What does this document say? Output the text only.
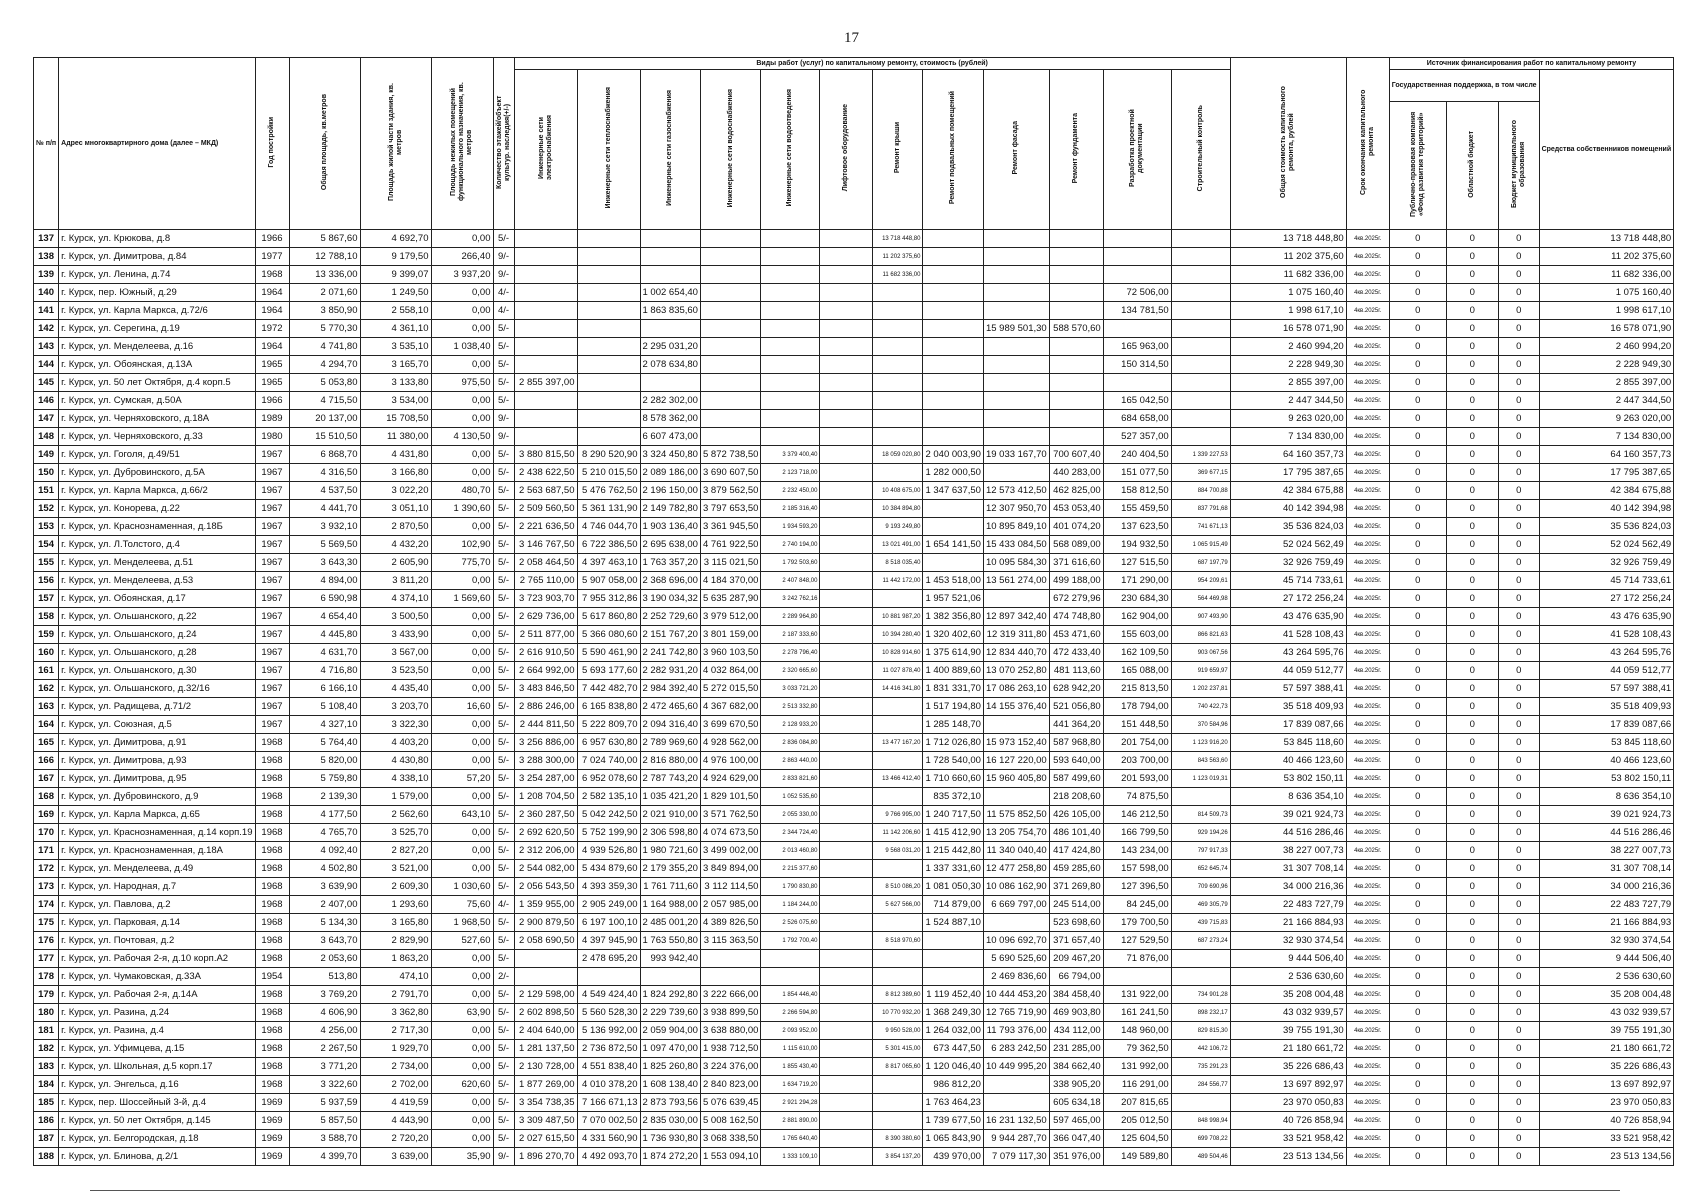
17
№ п/п	Адрес многоквартирного дома (далее – МКД)	Год постройки	Общая площадь, кв.метров	Площадь жилой части здания, кв. метров	Площадь нежилых помещений функционального назначения, кв. метров	Количество этажей/объект культур. наследия(+/-)	Виды работ (услуг) по капитальному ремонту, стоимость (рублей)												Общая стоимость капитального ремонта, рублей	Срок окончания капитального ремонта	Источник финансирования работ по капитальному ремонту			
							Инженерные сети электроснабжения	Инженерные сети теплоснабжения	Инженерные сети газоснабжения	Инженерные сети водоснабжения	Инженерные сети водоотведения	Лифтовое оборудование	Ремонт крыши	Ремонт подвальных помещений	Ремонт фасада	Ремонт фундамента	Разработка проектной документации	Строительный контроль			Государственная поддержка, в том числе			Средства собственников помещений
																					Публично-правовая компания «Фонд развития территорий»	Областной бюджет	Бюджет муниципального образования	
137	г. Курск, ул. Крюкова, д.8	1966	5 867,60	4 692,70	0,00	5/-							13 718 448,80						13 718 448,80	4кв.2025г.	0	0	0	13 718 448,80
138	г. Курск, ул. Димитрова, д.84	1977	12 788,10	9 179,50	266,40	9/-							11 202 375,60						11 202 375,60	4кв.2025г.	0	0	0	11 202 375,60
139	г. Курск, ул. Ленина, д.74	1968	13 336,00	9 399,07	3 937,20	9/-							11 682 336,00						11 682 336,00	4кв.2025г.	0	0	0	11 682 336,00
140	г. Курск, пер. Южный, д.29	1964	2 071,60	1 249,50	0,00	4/-			1 002 654,40								72 506,00		1 075 160,40	4кв.2025г.	0	0	0	1 075 160,40
141	г. Курск, ул. Карла Маркса, д.72/6	1964	3 850,90	2 558,10	0,00	4/-			1 863 835,60								134 781,50		1 998 617,10	4кв.2025г.	0	0	0	1 998 617,10
142	г. Курск, ул. Серегина, д.19	1972	5 770,30	4 361,10	0,00	5/-									15 989 501,30	588 570,60			16 578 071,90	4кв.2025г.	0	0	0	16 578 071,90
143	г. Курск, ул. Менделеева, д.16	1964	4 741,80	3 535,10	1 038,40	5/-			2 295 031,20								165 963,00		2 460 994,20	4кв.2025г.	0	0	0	2 460 994,20
144	г. Курск, ул. Обоянская, д.13А	1965	4 294,70	3 165,70	0,00	5/-			2 078 634,80								150 314,50		2 228 949,30	4кв.2025г.	0	0	0	2 228 949,30
145	г. Курск, ул. 50 лет Октября, д.4 корп.5	1965	5 053,80	3 133,80	975,50	5/-	2 855 397,00												2 855 397,00	4кв.2025г.	0	0	0	2 855 397,00
146	г. Курск, ул. Сумская, д.50А	1966	4 715,50	3 534,00	0,00	5/-			2 282 302,00								165 042,50		2 447 344,50	4кв.2025г.	0	0	0	2 447 344,50
147	г. Курск, ул. Черняховского, д.18А	1989	20 137,00	15 708,50	0,00	9/-			8 578 362,00								684 658,00		9 263 020,00	4кв.2025г.	0	0	0	9 263 020,00
148	г. Курск, ул. Черняховского, д.33	1980	15 510,50	11 380,00	4 130,50	9/-			6 607 473,00								527 357,00		7 134 830,00	4кв.2025г.	0	0	0	7 134 830,00
149	г. Курск, ул. Гоголя, д.49/51	1967	6 868,70	4 431,80	0,00	5/-	3 880 815,50	8 290 520,90	3 324 450,80	5 872 738,50	3 379 400,40		18 059 020,80	2 040 003,90	19 033 167,70	700 607,40	240 404,50	1 339 227,53	64 160 357,73	4кв.2025г.	0	0	0	64 160 357,73
150	г. Курск, ул. Дубровинского, д.5А	1967	4 316,50	3 166,80	0,00	5/-	2 438 622,50	5 210 015,50	2 089 186,00	3 690 607,50	2 123 718,00			1 282 000,50		440 283,00	151 077,50	369 677,15	17 795 387,65	4кв.2025г.	0	0	0	17 795 387,65
151	г. Курск, ул. Карла Маркса, д.66/2	1967	4 537,50	3 022,20	480,70	5/-	2 563 687,50	5 476 762,50	2 196 150,00	3 879 562,50	2 232 450,00		10 408 675,00	1 347 637,50	12 573 412,50	462 825,00	158 812,50	884 700,88	42 384 675,88	4кв.2025г.	0	0	0	42 384 675,88
152	г. Курск, ул. Конорева, д.22	1967	4 441,70	3 051,10	1 390,60	5/-	2 509 560,50	5 361 131,90	2 149 782,80	3 797 653,50	2 185 316,40		10 384 894,80		12 307 950,70	453 053,40	155 459,50	837 791,68	40 142 394,98	4кв.2025г.	0	0	0	40 142 394,98
153	г. Курск, ул. Краснознаменная, д.18Б	1967	3 932,10	2 870,50	0,00	5/-	2 221 636,50	4 746 044,70	1 903 136,40	3 361 945,50	1 934 593,20		9 193 249,80		10 895 849,10	401 074,20	137 623,50	741 671,13	35 536 824,03	4кв.2025г.	0	0	0	35 536 824,03
154	г. Курск, ул. Л.Толстого, д.4	1967	5 569,50	4 432,20	102,90	5/-	3 146 767,50	6 722 386,50	2 695 638,00	4 761 922,50	2 740 194,00		13 021 491,00	1 654 141,50	15 433 084,50	568 089,00	194 932,50	1 065 915,49	52 024 562,49	4кв.2025г.	0	0	0	52 024 562,49
155	г. Курск, ул. Менделеева, д.51	1967	3 643,30	2 605,90	775,70	5/-	2 058 464,50	4 397 463,10	1 763 357,20	3 115 021,50	1 792 503,60		8 518 035,40		10 095 584,30	371 616,60	127 515,50	687 197,79	32 926 759,49	4кв.2025г.	0	0	0	32 926 759,49
156	г. Курск, ул. Менделеева, д.53	1967	4 894,00	3 811,20	0,00	5/-	2 765 110,00	5 907 058,00	2 368 696,00	4 184 370,00	2 407 848,00		11 442 172,00	1 453 518,00	13 561 274,00	499 188,00	171 290,00	954 209,61	45 714 733,61	4кв.2025г.	0	0	0	45 714 733,61
157	г. Курск, ул. Обоянская, д.17	1967	6 590,98	4 374,10	1 569,60	5/-	3 723 903,70	7 955 312,86	3 190 034,32	5 635 287,90	3 242 762,16			1 957 521,06		672 279,96	230 684,30	564 469,98	27 172 256,24	4кв.2025г.	0	0	0	27 172 256,24
158	г. Курск, ул. Ольшанского, д.22	1967	4 654,40	3 500,50	0,00	5/-	2 629 736,00	5 617 860,80	2 252 729,60	3 979 512,00	2 289 964,80		10 881 987,20	1 382 356,80	12 897 342,40	474 748,80	162 904,00	907 493,90	43 476 635,90	4кв.2025г.	0	0	0	43 476 635,90
159	г. Курск, ул. Ольшанского, д.24	1967	4 445,80	3 433,90	0,00	5/-	2 511 877,00	5 366 080,60	2 151 767,20	3 801 159,00	2 187 333,60		10 394 280,40	1 320 402,60	12 319 311,80	453 471,60	155 603,00	866 821,63	41 528 108,43	4кв.2025г.	0	0	0	41 528 108,43
160	г. Курск, ул. Ольшанского, д.28	1967	4 631,70	3 567,00	0,00	5/-	2 616 910,50	5 590 461,90	2 241 742,80	3 960 103,50	2 278 796,40		10 828 914,60	1 375 614,90	12 834 440,70	472 433,40	162 109,50	903 067,56	43 264 595,76	4кв.2025г.	0	0	0	43 264 595,76
161	г. Курск, ул. Ольшанского, д.30	1967	4 716,80	3 523,50	0,00	5/-	2 664 992,00	5 693 177,60	2 282 931,20	4 032 864,00	2 320 665,60		11 027 878,40	1 400 889,60	13 070 252,80	481 113,60	165 088,00	919 659,97	44 059 512,77	4кв.2025г.	0	0	0	44 059 512,77
162	г. Курск, ул. Ольшанского, д.32/16	1967	6 166,10	4 435,40	0,00	5/-	3 483 846,50	7 442 482,70	2 984 392,40	5 272 015,50	3 033 721,20		14 416 341,80	1 831 331,70	17 086 263,10	628 942,20	215 813,50	1 202 237,81	57 597 388,41	4кв.2025г.	0	0	0	57 597 388,41
163	г. Курск, ул. Радищева, д.71/2	1967	5 108,40	3 203,70	16,60	5/-	2 886 246,00	6 165 838,80	2 472 465,60	4 367 682,00	2 513 332,80			1 517 194,80	14 155 376,40	521 056,80	178 794,00	740 422,73	35 518 409,93	4кв.2025г.	0	0	0	35 518 409,93
164	г. Курск, ул. Союзная, д.5	1967	4 327,10	3 322,30	0,00	5/-	2 444 811,50	5 222 809,70	2 094 316,40	3 699 670,50	2 128 933,20			1 285 148,70		441 364,20	151 448,50	370 584,96	17 839 087,66	4кв.2025г.	0	0	0	17 839 087,66
165	г. Курск, ул. Димитрова, д.91	1968	5 764,40	4 403,20	0,00	5/-	3 256 886,00	6 957 630,80	2 789 969,60	4 928 562,00	2 836 084,80		13 477 167,20	1 712 026,80	15 973 152,40	587 968,80	201 754,00	1 123 916,20	53 845 118,60	4кв.2025г.	0	0	0	53 845 118,60
166	г. Курск, ул. Димитрова, д.93	1968	5 820,00	4 430,80	0,00	5/-	3 288 300,00	7 024 740,00	2 816 880,00	4 976 100,00	2 863 440,00			1 728 540,00	16 127 220,00	593 640,00	203 700,00	843 563,60	40 466 123,60	4кв.2025г.	0	0	0	40 466 123,60
167	г. Курск, ул. Димитрова, д.95	1968	5 759,80	4 338,10	57,20	5/-	3 254 287,00	6 952 078,60	2 787 743,20	4 924 629,00	2 833 821,60		13 466 412,40	1 710 660,60	15 960 405,80	587 499,60	201 593,00	1 123 019,31	53 802 150,11	4кв.2025г.	0	0	0	53 802 150,11
168	г. Курск, ул. Дубровинского, д.9	1968	2 139,30	1 579,00	0,00	5/-	1 208 704,50	2 582 135,10	1 035 421,20	1 829 101,50	1 052 535,60			835 372,10		218 208,60	74 875,50		8 636 354,10	4кв.2025г.	0	0	0	8 636 354,10
169	г. Курск, ул. Карла Маркса, д.65	1968	4 177,50	2 562,60	643,10	5/-	2 360 287,50	5 042 242,50	2 021 910,00	3 571 762,50	2 055 330,00		9 766 995,00	1 240 717,50	11 575 852,50	426 105,00	146 212,50	814 509,73	39 021 924,73	4кв.2025г.	0	0	0	39 021 924,73
170	г. Курск, ул. Краснознаменная, д.14 корп.19	1968	4 765,70	3 525,70	0,00	5/-	2 692 620,50	5 752 199,90	2 306 598,80	4 074 673,50	2 344 724,40		11 142 206,60	1 415 412,90	13 205 754,70	486 101,40	166 799,50	929 194,26	44 516 286,46	4кв.2025г.	0	0	0	44 516 286,46
171	г. Курск, ул. Краснознаменная, д.18А	1968	4 092,40	2 827,20	0,00	5/-	2 312 206,00	4 939 526,80	1 980 721,60	3 499 002,00	2 013 460,80		9 568 031,20	1 215 442,80	11 340 040,40	417 424,80	143 234,00	797 917,33	38 227 007,73	4кв.2025г.	0	0	0	38 227 007,73
172	г. Курск, ул. Менделеева, д.49	1968	4 502,80	3 521,00	0,00	5/-	2 544 082,00	5 434 879,60	2 179 355,20	3 849 894,00	2 215 377,60			1 337 331,60	12 477 258,80	459 285,60	157 598,00	652 645,74	31 307 708,14	4кв.2025г.	0	0	0	31 307 708,14
173	г. Курск, ул. Народная, д.7	1968	3 639,90	2 609,30	1 030,60	5/-	2 056 543,50	4 393 359,30	1 761 711,60	3 112 114,50	1 790 830,80		8 510 086,20	1 081 050,30	10 086 162,90	371 269,80	127 396,50	709 690,96	34 000 216,36	4кв.2025г.	0	0	0	34 000 216,36
174	г. Курск, ул. Павлова, д.2	1968	2 407,00	1 293,60	75,60	4/-	1 359 955,00	2 905 249,00	1 164 988,00	2 057 985,00	1 184 244,00		5 627 566,00	714 879,00	6 669 797,00	245 514,00	84 245,00	469 305,79	22 483 727,79	4кв.2025г.	0	0	0	22 483 727,79
175	г. Курск, ул. Парковая, д.14	1968	5 134,30	3 165,80	1 968,50	5/-	2 900 879,50	6 197 100,10	2 485 001,20	4 389 826,50	2 526 075,60			1 524 887,10		523 698,60	179 700,50	439 715,83	21 166 884,93	4кв.2025г.	0	0	0	21 166 884,93
176	г. Курск, ул. Почтовая, д.2	1968	3 643,70	2 829,90	527,60	5/-	2 058 690,50	4 397 945,90	1 763 550,80	3 115 363,50	1 792 700,40		8 518 970,60		10 096 692,70	371 657,40	127 529,50	687 273,24	32 930 374,54	4кв.2025г.	0	0	0	32 930 374,54
177	г. Курск, ул. Рабочая 2-я, д.10 корп.А2	1968	2 053,60	1 863,20	0,00	5/-		2 478 695,20	993 942,40						5 690 525,60	209 467,20	71 876,00		9 444 506,40	4кв.2025г.	0	0	0	9 444 506,40
178	г. Курск, ул. Чумаковская, д.33А	1954	513,80	474,10	0,00	2/-									2 469 836,60	66 794,00			2 536 630,60	4кв.2025г.	0	0	0	2 536 630,60
179	г. Курск, ул. Рабочая 2-я, д.14А	1968	3 769,20	2 791,70	0,00	5/-	2 129 598,00	4 549 424,40	1 824 292,80	3 222 666,00	1 854 446,40		8 812 389,60	1 119 452,40	10 444 453,20	384 458,40	131 922,00	734 901,28	35 208 004,48	4кв.2025г.	0	0	0	35 208 004,48
180	г. Курск, ул. Разина, д.24	1968	4 606,90	3 362,80	63,90	5/-	2 602 898,50	5 560 528,30	2 229 739,60	3 938 899,50	2 266 594,80		10 770 932,20	1 368 249,30	12 765 719,90	469 903,80	161 241,50	898 232,17	43 032 939,57	4кв.2025г.	0	0	0	43 032 939,57
181	г. Курск, ул. Разина, д.4	1968	4 256,00	2 717,30	0,00	5/-	2 404 640,00	5 136 992,00	2 059 904,00	3 638 880,00	2 093 952,00		9 950 528,00	1 264 032,00	11 793 376,00	434 112,00	148 960,00	829 815,30	39 755 191,30	4кв.2025г.	0	0	0	39 755 191,30
182	г. Курск, ул. Уфимцева, д.15	1968	2 267,50	1 929,70	0,00	5/-	1 281 137,50	2 736 872,50	1 097 470,00	1 938 712,50	1 115 610,00		5 301 415,00	673 447,50	6 283 242,50	231 285,00	79 362,50	442 106,72	21 180 661,72	4кв.2025г.	0	0	0	21 180 661,72
183	г. Курск, ул. Школьная, д.5 корп.17	1968	3 771,20	2 734,00	0,00	5/-	2 130 728,00	4 551 838,40	1 825 260,80	3 224 376,00	1 855 430,40		8 817 065,60	1 120 046,40	10 449 995,20	384 662,40	131 992,00	735 291,23	35 226 686,43	4кв.2025г.	0	0	0	35 226 686,43
184	г. Курск, ул. Энгельса, д.16	1968	3 322,60	2 702,00	620,60	5/-	1 877 269,00	4 010 378,20	1 608 138,40	2 840 823,00	1 634 719,20			986 812,20		338 905,20	116 291,00	284 556,77	13 697 892,97	4кв.2025г.	0	0	0	13 697 892,97
185	г. Курск, пер. Шоссейный 3-й, д.4	1969	5 937,59	4 419,59	0,00	5/-	3 354 738,35	7 166 671,13	2 873 793,56	5 076 639,45	2 921 294,28			1 763 464,23		605 634,18	207 815,65		23 970 050,83	4кв.2025г.	0	0	0	23 970 050,83
186	г. Курск, ул. 50 лет Октября, д.145	1969	5 857,50	4 443,90	0,00	5/-	3 309 487,50	7 070 002,50	2 835 030,00	5 008 162,50	2 881 890,00			1 739 677,50	16 231 132,50	597 465,00	205 012,50	848 998,94	40 726 858,94	4кв.2025г.	0	0	0	40 726 858,94
187	г. Курск, ул. Белгородская, д.18	1969	3 588,70	2 720,20	0,00	5/-	2 027 615,50	4 331 560,90	1 736 930,80	3 068 338,50	1 765 640,40		8 390 380,60	1 065 843,90	9 944 287,70	366 047,40	125 604,50	699 708,22	33 521 958,42	4кв.2025г.	0	0	0	33 521 958,42
188	г. Курск, ул. Блинова, д.2/1	1969	4 399,70	3 639,00	35,90	9/-	1 896 270,70	4 492 093,70	1 874 272,20	1 553 094,10	1 333 109,10		3 854 137,20	439 970,00	7 079 117,30	351 976,00	149 589,80	489 504,46	23 513 134,56	4кв.2025г.	0	0	0	23 513 134,56
